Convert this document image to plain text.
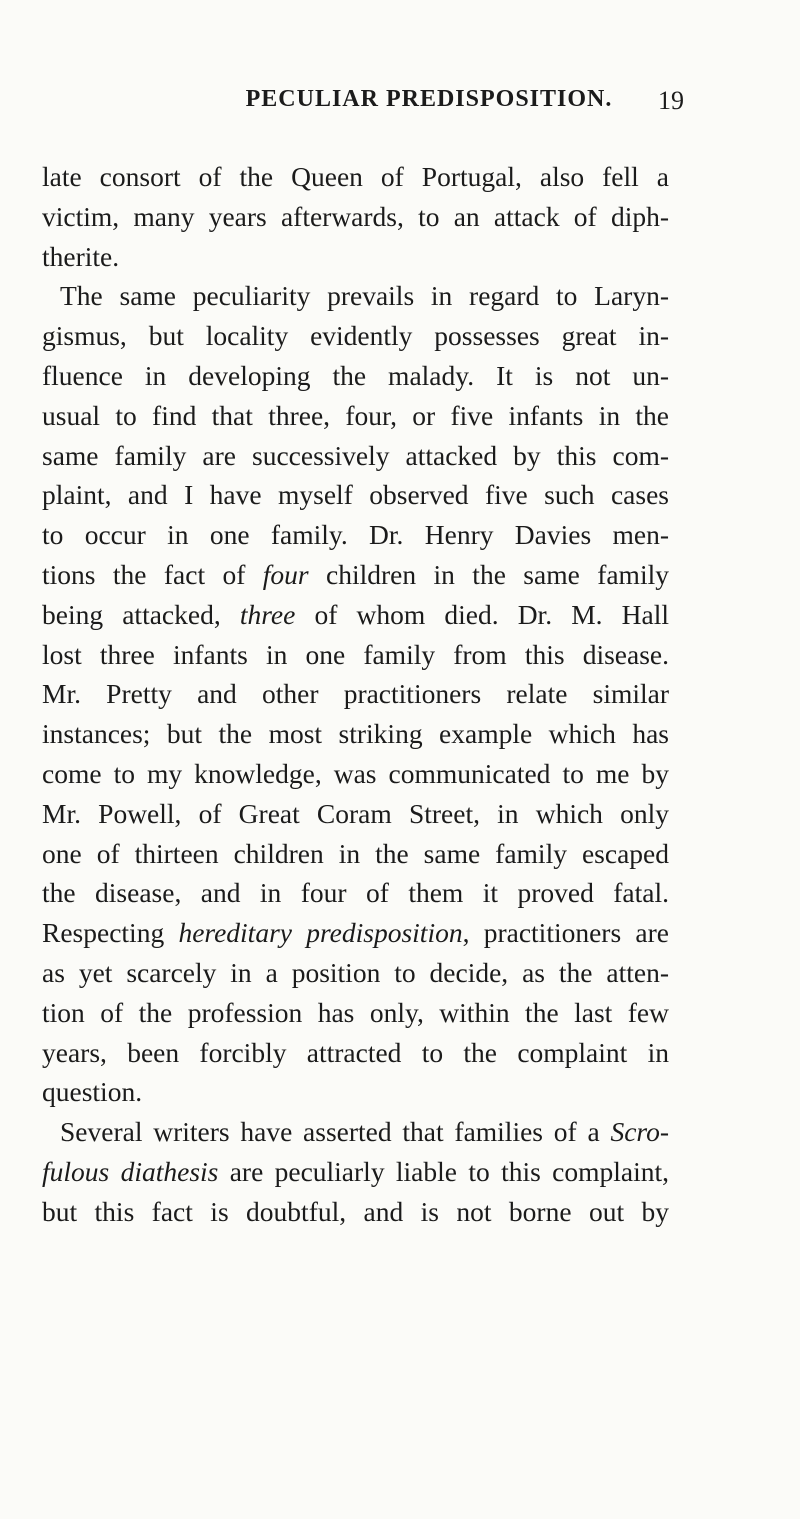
PECULIAR PREDISPOSITION.	19
late consort of the Queen of Portugal, also fell a
victim, many years afterwards, to an attack of diph-
therite.
The same peculiarity prevails in regard to Laryn-
gismus, but locality evidently possesses great in-
fluence in developing the malady. It is not un-
usual to find that three, four, or five infants in the
same family are successively attacked by this com-
plaint, and I have myself observed five such cases
to occur in one family. Dr. Henry Davies men-
tions the fact of four children in the same family
being attacked, three of whom died. Dr. M. Hall
lost three infants in one family from this disease.
Mr. Pretty and other practitioners relate similar
instances; but the most striking example which has
come to my knowledge, was communicated to me by
Mr. Powell, of Great Coram Street, in which only
one of thirteen children in the same family escaped
the disease, and in four of them it proved fatal.
Respecting hereditary predisposition, practitioners are
as yet scarcely in a position to decide, as the atten-
tion of the profession has only, within the last few
years, been forcibly attracted to the complaint in
question.
Several writers have asserted that families of a Scro-
fulous diathesis are peculiarly liable to this complaint,
but this fact is doubtful, and is not borne out by
